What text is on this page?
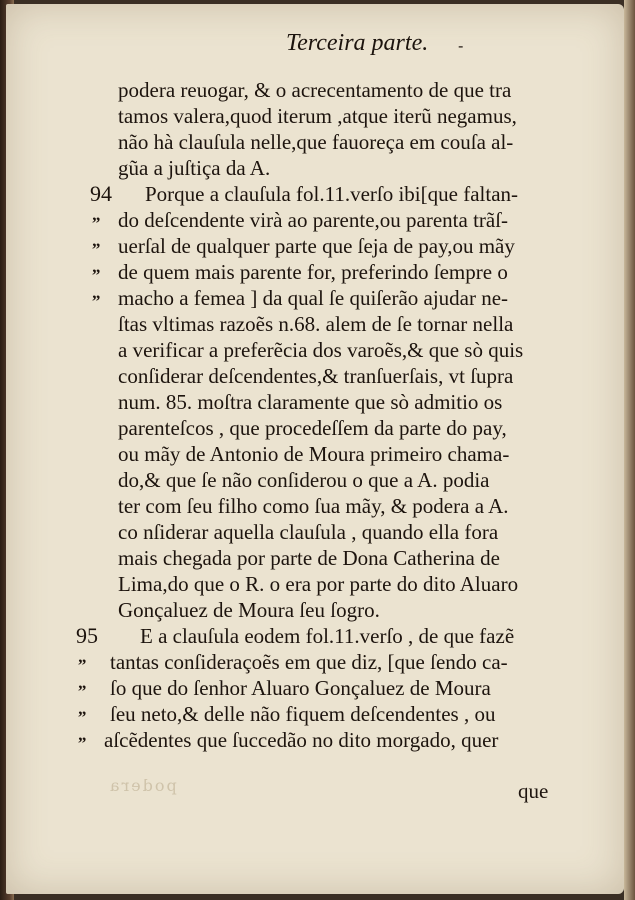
Terceira parte. -
podera
podera reuogar, & o acrecentamento de que tra
tamos valera,quod iterum ,atque iterũ negamus,
não hà clauſula nelle,que fauoreça em couſa al-
gũa a juſtiça da A.
Porque a clauſula fol.11.verſo ibi[que faltan-
do deſcendente virà ao parente,ou parenta trãſ-
uerſal de qualquer parte que ſeja de pay,ou mãy
de quem mais parente for, preferindo ſempre o
macho a femea ] da qual ſe quiſerão ajudar ne-
ſtas vltimas razoẽs n.68. alem de ſe tornar nella
a verificar a preferẽcia dos varoẽs,& que sò quis
conſiderar deſcendentes,& tranſuerſais, vt ſupra
num. 85. moſtra claramente que sò admitio os
parenteſcos , que procedeſſem da parte do pay,
ou mãy de Antonio de Moura primeiro chama-
do,& que ſe não conſiderou o que a A. podia
ter com ſeu filho como ſua mãy, & podera a A.
co nſiderar aquella clauſula , quando ella fora
mais chegada por parte de Dona Catherina de
Lima,do que o R. o era por parte do dito Aluaro
Gonçaluez de Moura ſeu ſogro.
E a clauſula eodem fol.11.verſo , de que fazẽ
tantas conſideraçoẽs em que diz, [que ſendo ca-
ſo que do ſenhor Aluaro Gonçaluez de Moura
ſeu neto,& delle não fiquem deſcendentes , ou
aſcẽdentes que ſuccedão no dito morgado, quer
94
95
„
„
„
„
„
„
„
„
que
